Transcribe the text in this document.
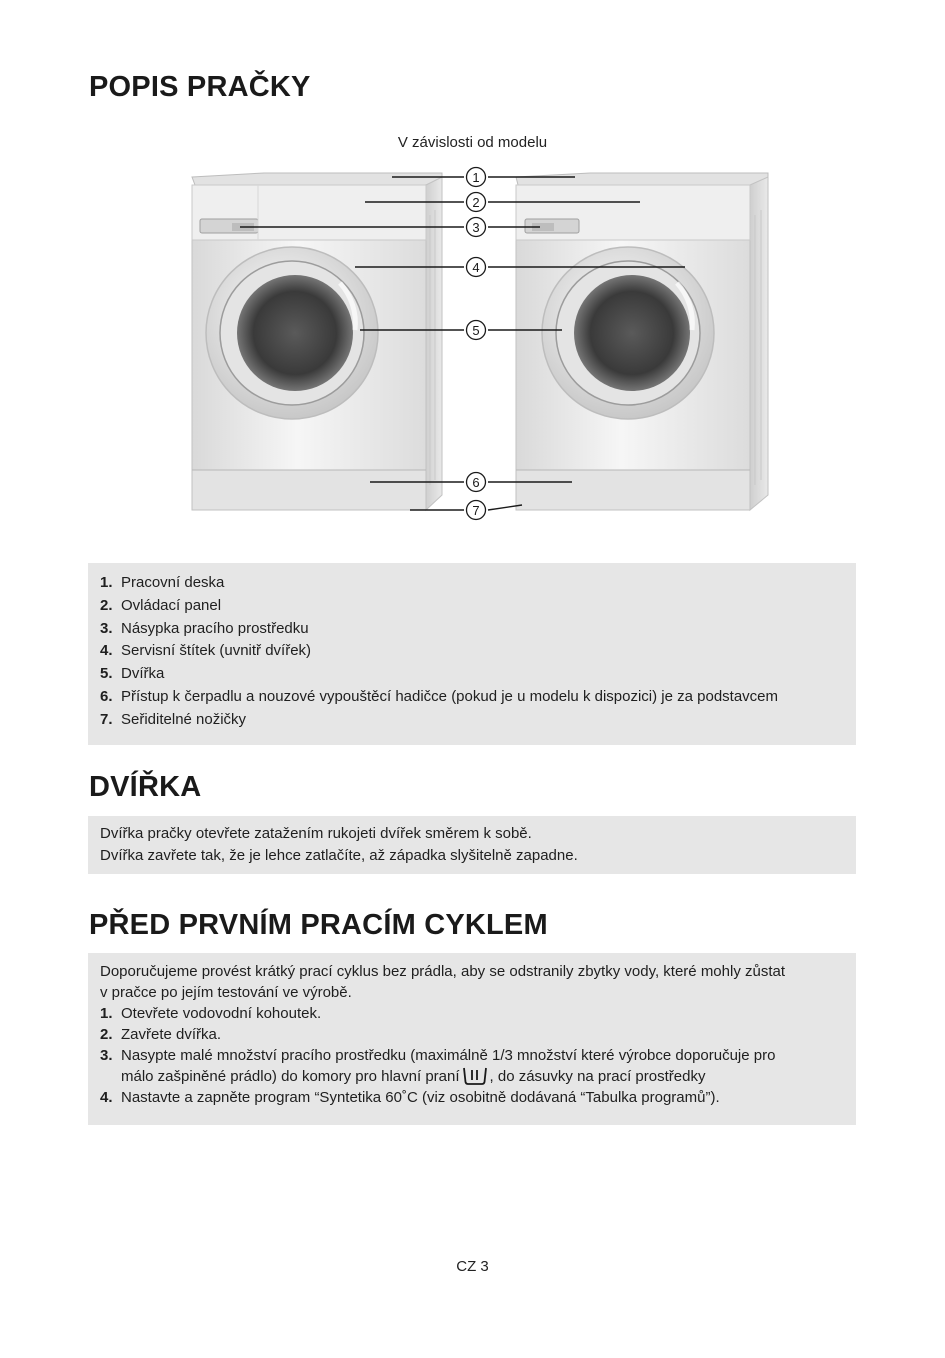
POPIS PRAČKY
V závislosti od modelu
1
2
3
4
5
6
7
1. Pracovní deska
2. Ovládací panel
3. Násypka pracího prostředku
4. Servisní štítek (uvnitř dvířek)
5. Dvířka
6. Přístup k čerpadlu a nouzové vypouštěcí hadičce (pokud je u modelu k dispozici) je za podstavcem
7. Seřiditelné nožičky
DVÍŘKA

Dvířka pračky otevřete zatažením rukojeti dvířek směrem k sobě.

Dvířka zavřete tak, že je lehce zatlačíte, až západka slyšitelně zapadne.

PŘED PRVNÍM PRACÍM CYKLEM

Doporučujeme provést krátký prací cyklus bez prádla, aby se odstranily zbytky vody, které mohly zůstat

v pračce po jejím testování ve výrobě.

1. Otevřete vodovodní kohoutek.
2. Zavřete dvířka.
3. Nasypte malé množství pracího prostředku (maximálně 1/3 množství které výrobce doporučuje pro
málo zašpiněné prádlo) do komory pro hlavní praní , do zásuvky na prací prostředky
4. Nastavte a zapněte program “Syntetika 60˚C (viz osobitně dodávaná “Tabulka programů”).
CZ 3
